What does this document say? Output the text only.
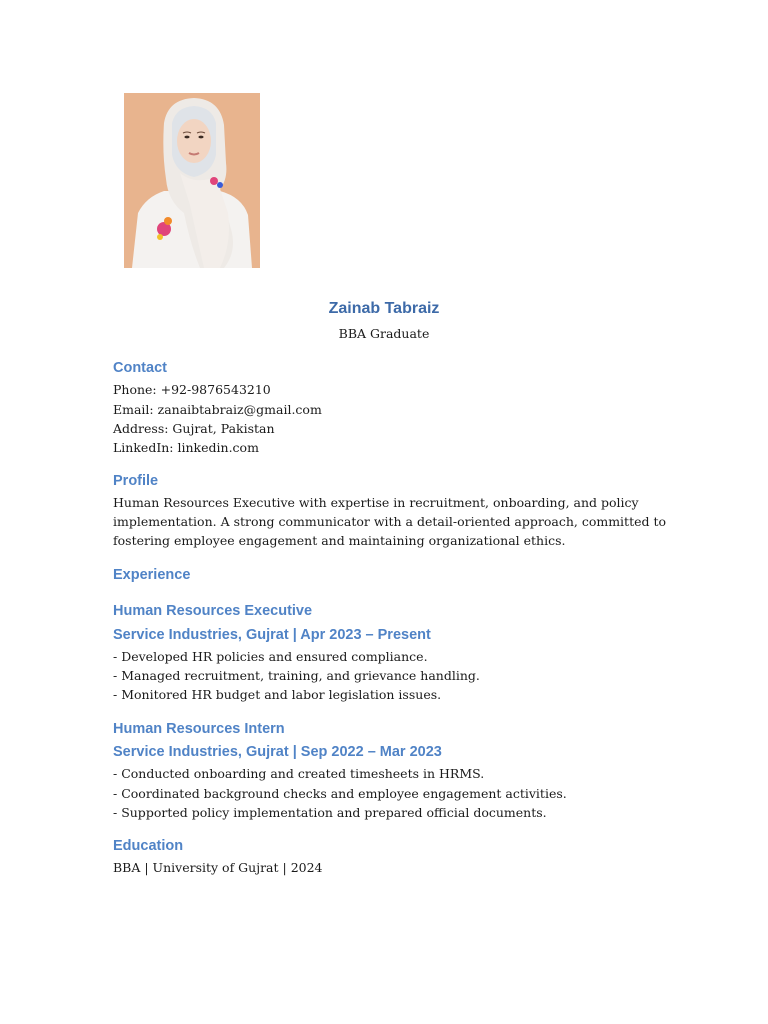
Zainab Tabraiz
BBA Graduate
Contact
Phone: +92-9876543210
Email: zanaibtabraiz@gmail.com
Address: Gujrat, Pakistan
LinkedIn: linkedin.com
Profile
Human Resources Executive with expertise in recruitment, onboarding, and policy
implementation. A strong communicator with a detail-oriented approach, committed to
fostering employee engagement and maintaining organizational ethics.
Experience
Human Resources Executive
Service Industries, Gujrat | Apr 2023 – Present
- Developed HR policies and ensured compliance.
- Managed recruitment, training, and grievance handling.
- Monitored HR budget and labor legislation issues.
Human Resources Intern
Service Industries, Gujrat | Sep 2022 – Mar 2023
- Conducted onboarding and created timesheets in HRMS.
- Coordinated background checks and employee engagement activities.
- Supported policy implementation and prepared official documents.
Education
BBA | University of Gujrat | 2024
